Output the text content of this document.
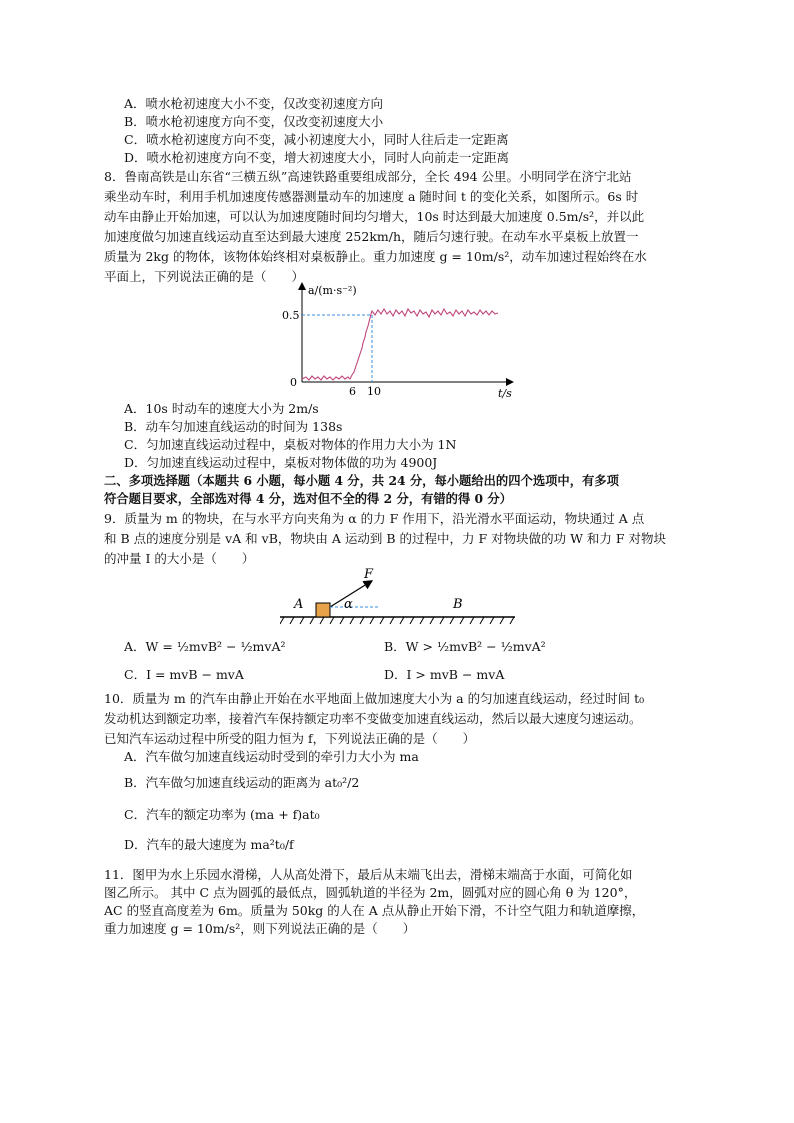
A．喷水枪初速度大小不变，仅改变初速度方向
B．喷水枪初速度方向不变，仅改变初速度大小
C．喷水枪初速度方向不变，减小初速度大小，同时人往后走一定距离
D．喷水枪初速度方向不变，增大初速度大小，同时人向前走一定距离
8．鲁南高铁是山东省“三横五纵”高速铁路重要组成部分，全长 494 公里。小明同学在济宁北站
乘坐动车时，利用手机加速度传感器测量动车的加速度 a 随时间 t 的变化关系，如图所示。6s 时
动车由静止开始加速，可以认为加速度随时间均匀增大，10s 时达到最大加速度 0.5m/s²，并以此
加速度做匀加速直线运动直至达到最大速度 252km/h，随后匀速行驶。在动车水平桌板上放置一
质量为 2kg 的物体，该物体始终相对桌板静止。重力加速度 g = 10m/s²，动车加速过程始终在水
平面上，下列说法正确的是（　　）
a/(m·s⁻²)
t/s
0.5
0
6 10
A．10s 时动车的速度大小为 2m/s
B．动车匀加速直线运动的时间为 138s
C．匀加速直线运动过程中，桌板对物体的作用力大小为 1N
D．匀加速直线运动过程中，桌板对物体做的功为 4900J
二、多项选择题（本题共 6 小题，每小题 4 分，共 24 分，每小题给出的四个选项中，有多项
符合题目要求，全部选对得 4 分，选对但不全的得 2 分，有错的得 0 分）
9．质量为 m 的物块，在与水平方向夹角为 α 的力 F 作用下，沿光滑水平面运动，物块通过 A 点
和 B 点的速度分别是 vA 和 vB，物块由 A 运动到 B 的过程中，力 F 对物块做的功 W 和力 F 对物块
的冲量 I 的大小是（　　）
F
α
A	B
A．W = ½mvB² − ½mvA²	B．W > ½mvB² − ½mvA²
C．I = mvB − mvA	D．I > mvB − mvA
10．质量为 m 的汽车由静止开始在水平地面上做加速度大小为 a 的匀加速直线运动，经过时间 t₀
发动机达到额定功率，接着汽车保持额定功率不变做变加速直线运动，然后以最大速度匀速运动。
已知汽车运动过程中所受的阻力恒为 f，下列说法正确的是（　　）
A．汽车做匀加速直线运动时受到的牵引力大小为 ma
B．汽车做匀加速直线运动的距离为 at₀²/2
C．汽车的额定功率为 (ma + f)at₀
D．汽车的最大速度为 ma²t₀/f
11．图甲为水上乐园水滑梯，人从高处滑下，最后从末端飞出去，滑梯末端高于水面，可简化如
图乙所示。 其中 C 点为圆弧的最低点，圆弧轨道的半径为 2m，圆弧对应的圆心角 θ 为 120°，
AC 的竖直高度差为 6m。质量为 50kg 的人在 A 点从静止开始下滑，不计空气阻力和轨道摩擦，
重力加速度 g = 10m/s²，则下列说法正确的是（　　）
